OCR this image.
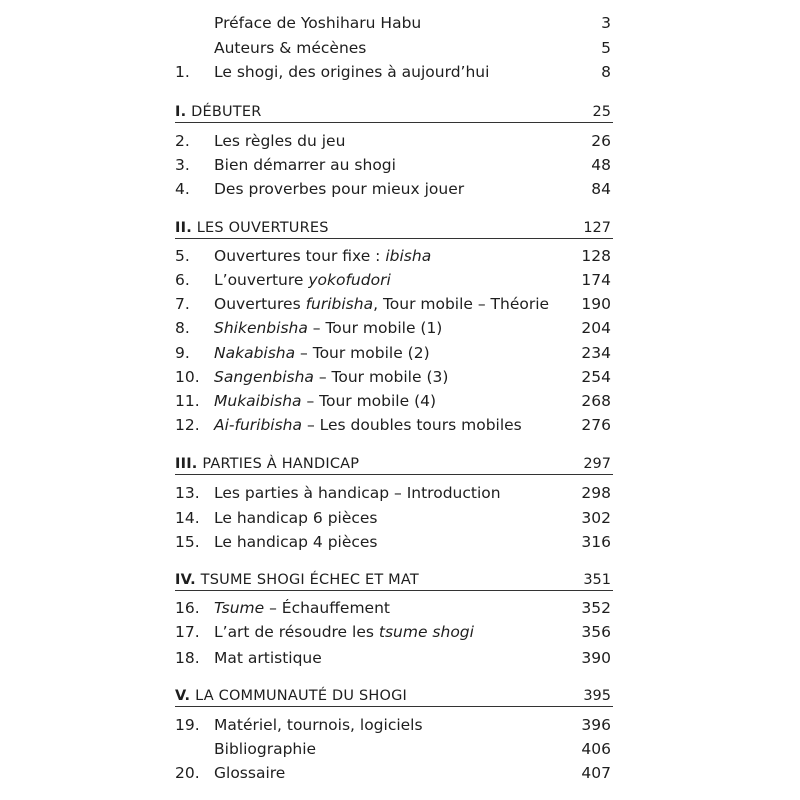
Préface de Yoshiharu Habu	3
Auteurs & mécènes	5
1. Le shogi, des origines à aujourd’hui	8
I. DÉBUTER	25
2. Les règles du jeu	26
3. Bien démarrer au shogi	48
4. Des proverbes pour mieux jouer	84
II. LES OUVERTURES	127
5. Ouvertures tour fixe : ibisha	128
6. L’ouverture yokofudori	174
7. Ouvertures furibisha, Tour mobile – Théorie 190
8. Shikenbisha – Tour mobile (1)	204
9. Nakabisha – Tour mobile (2)	234
10. Sangenbisha – Tour mobile (3)	254
11. Mukaibisha – Tour mobile (4)	268
12. Ai-furibisha – Les doubles tours mobiles	276
III. PARTIES À HANDICAP	297
13. Les parties à handicap – Introduction	298
14. Le handicap 6 pièces	302
15. Le handicap 4 pièces	316
IV. TSUME SHOGI ÉCHEC ET MAT	351
16. Tsume – Échauffement	352
17. L’art de résoudre les tsume shogi	356
18. Mat artistique	390
V. LA COMMUNAUTÉ DU SHOGI	395
19. Matériel, tournois, logiciels	396
Bibliographie	406
20. Glossaire	407
